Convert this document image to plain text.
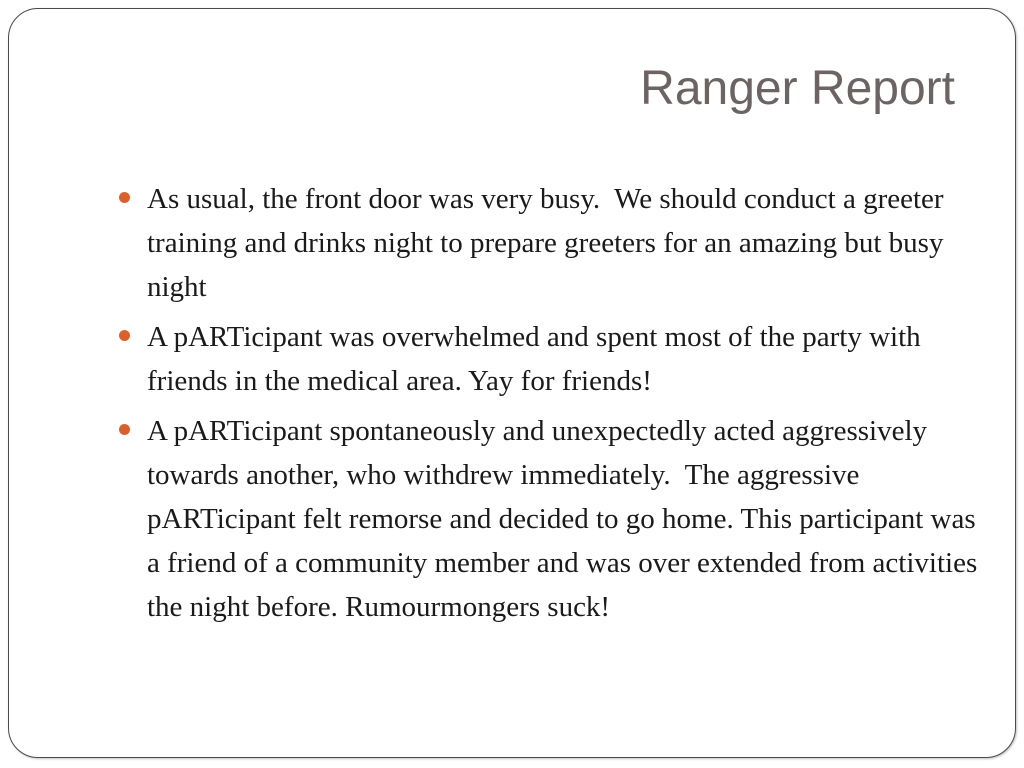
Ranger Report
As usual, the front door was very busy.  We should conduct a greeter training and drinks night to prepare greeters for an amazing but busy night
A pARTicipant was overwhelmed and spent most of the party with  friends in the medical area. Yay for friends!
A pARTicipant spontaneously and unexpectedly acted aggressively towards another, who withdrew immediately.  The aggressive pARTicipant felt remorse and decided to go home. This participant was a friend of a community member and was over extended from activities the night before. Rumourmongers suck!
